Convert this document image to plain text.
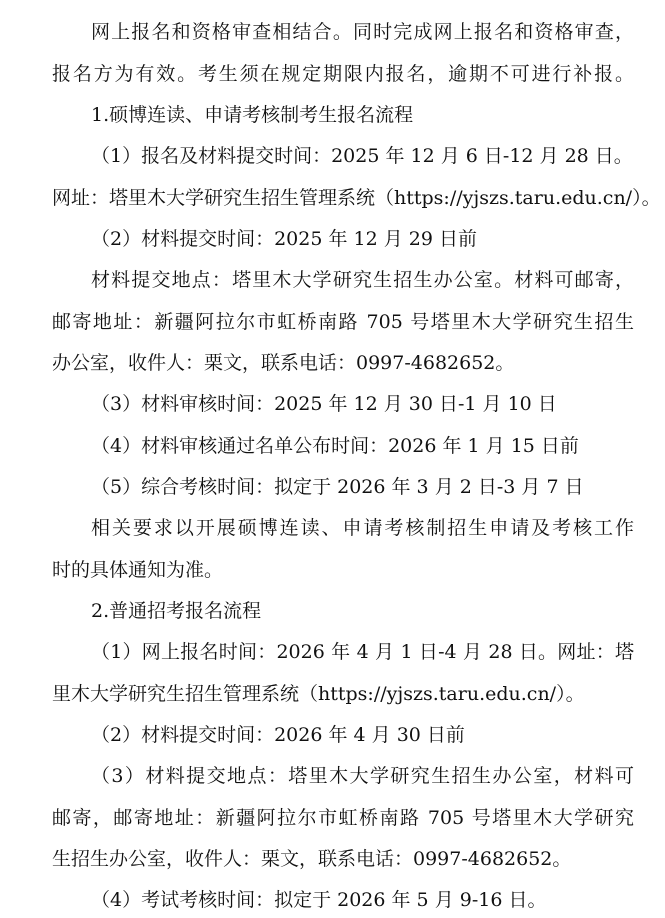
网上报名和资格审查相结合。同时完成网上报名和资格审查，
报名方为有效。考生须在规定期限内报名，逾期不可进行补报。
1.硕博连读、申请考核制考生报名流程
（1）报名及材料提交时间：2025 年 12 月 6 日-12 月 28 日。
网址：塔里木大学研究生招生管理系统（https://yjszs.taru.edu.cn/）。
（2）材料提交时间：2025 年 12 月 29 日前
材料提交地点：塔里木大学研究生招生办公室。材料可邮寄，
邮寄地址：新疆阿拉尔市虹桥南路 705 号塔里木大学研究生招生
办公室，收件人：栗文，联系电话：0997-4682652。
（3）材料审核时间：2025 年 12 月 30 日-1 月 10 日
（4）材料审核通过名单公布时间：2026 年 1 月 15 日前
（5）综合考核时间：拟定于 2026 年 3 月 2 日-3 月 7 日
相关要求以开展硕博连读、申请考核制招生申请及考核工作
时的具体通知为准。
2.普通招考报名流程
（1）网上报名时间：2026 年 4 月 1 日-4 月 28 日。网址：塔
里木大学研究生招生管理系统（https://yjszs.taru.edu.cn/）。
（2）材料提交时间：2026 年 4 月 30 日前
（3）材料提交地点：塔里木大学研究生招生办公室，材料可
邮寄，邮寄地址：新疆阿拉尔市虹桥南路 705 号塔里木大学研究
生招生办公室，收件人：栗文，联系电话：0997-4682652。
（4）考试考核时间：拟定于 2026 年 5 月 9-16 日。
